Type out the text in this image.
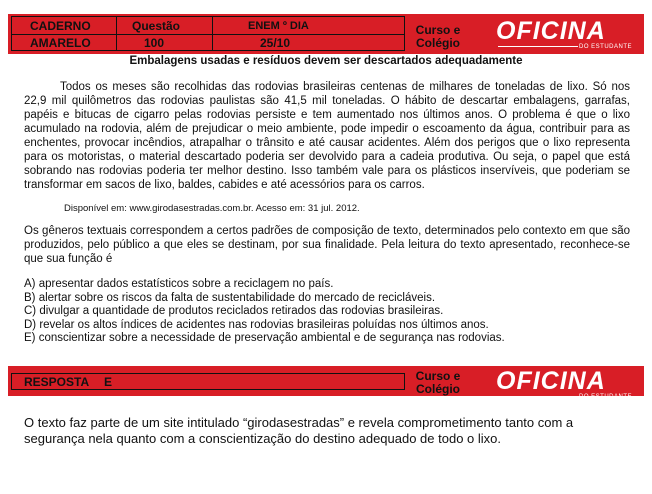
CADERNO
AMARELO
Questão
100
ENEM º DIA
25/10
Curso e
Colégio OFICINA
DO ESTUDANTE
Embalagens usadas e resíduos devem ser descartados adequadamente

Todos os meses são recolhidas das rodovias brasileiras centenas de milhares de toneladas de lixo. Só nos 22,9 mil quilômetros das rodovias paulistas são 41,5 mil toneladas. O hábito de descartar embalagens, garrafas, papéis e bitucas de cigarro pelas rodovias persiste e tem aumentado nos últimos anos. O problema é que o lixo acumulado na rodovia, além de prejudicar o meio ambiente, pode impedir o escoamento da água, contribuir para as enchentes, provocar incêndios, atrapalhar o trânsito e até causar acidentes. Além dos perigos que o lixo representa para os motoristas, o material descartado poderia ser devolvido para a cadeia produtiva. Ou seja, o papel que está sobrando nas rodovias poderia ter melhor destino. Isso também vale para os plásticos inservíveis, que poderiam se transformar em sacos de lixo, baldes, cabides e até acessórios para os carros.

Disponível em: www.girodasestradas.com.br. Acesso em: 31 jul. 2012.

Os gêneros textuais correspondem a certos padrões de composição de texto, determinados pelo contexto em que são produzidos, pelo público a que eles se destinam, por sua finalidade. Pela leitura do texto apresentado, reconhece-se que sua função é

A) apresentar dados estatísticos sobre a reciclagem no país.
B) alertar sobre os riscos da falta de sustentabilidade do mercado de recicláveis.
C) divulgar a quantidade de produtos reciclados retirados das rodovias brasileiras.
D) revelar os altos índices de acidentes nas rodovias brasileiras poluídas nos últimos anos.
E) conscientizar sobre a necessidade de preservação ambiental e de segurança nas rodovias.
RESPOSTA E	Curso e
Colégio OFICINA
DO ESTUDANTE

O texto faz parte de um site intitulado “girodasestradas” e revela comprometimento tanto com a segurança nela quanto com a conscientização do destino adequado de todo o lixo.
